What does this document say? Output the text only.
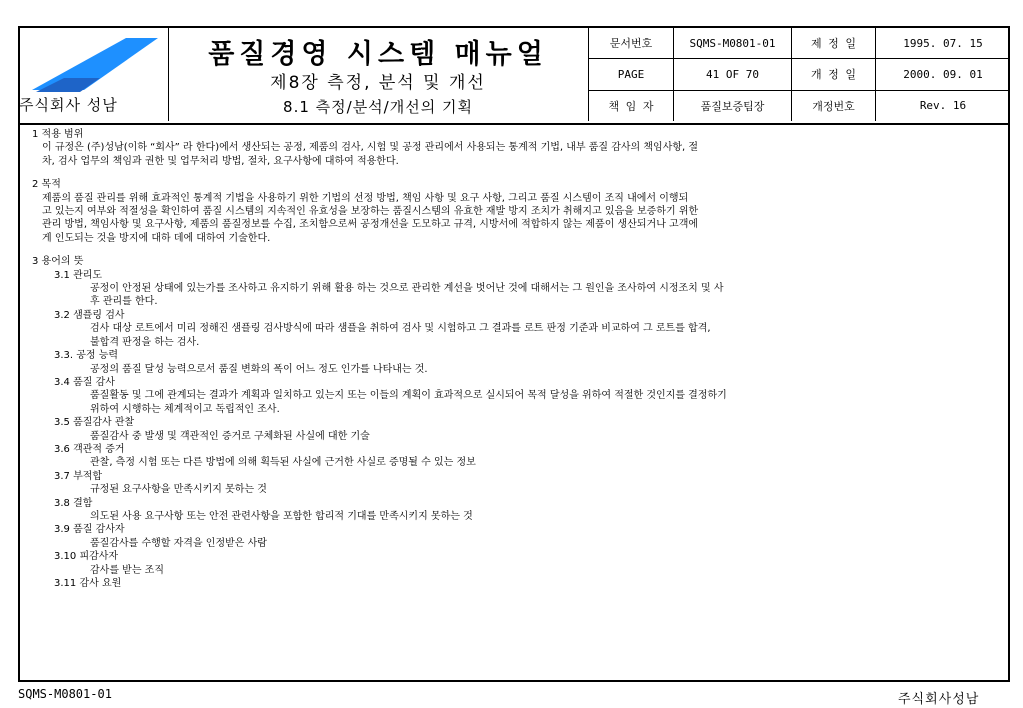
주식회사 성남
품질경영 시스템 매뉴얼
제8장 측정, 분석 및 개선
8.1 측정/분석/개선의 기획
문서번호	SQMS-M0801-01	제 정 일	1995. 07. 15
PAGE	41 OF 70	개 정 일	2000. 09. 01
책 임 자	품질보증팀장	개정번호	Rev. 16

1 적용 범위

이 규정은 (주)성남(이하 “회사” 라 한다)에서 생산되는 공정, 제품의 검사, 시험 및 공정 관리에서 사용되는 통계적 기법, 내부 품질 감사의 책임사항, 절

차, 검사 업무의 책임과 권한 및 업무처리 방법, 절차, 요구사항에 대하여 적용한다.

2 목적

제품의 품질 관리를 위해 효과적인 통계적 기법을 사용하기 위한 기법의 선정 방법, 책임 사항 및 요구 사항, 그리고 품질 시스템이 조직 내에서 이행되

고 있는지 여부와 적절성을 확인하여 품질 시스템의 지속적인 유효성을 보장하는 품질시스템의 유효한 재발 방지 조치가 취해지고 있음을 보증하기 위한

관리 방법, 책임사항 및 요구사항, 제품의 품질정보를 수집, 조치함으로써 공정개선을 도모하고 규격, 시방서에 적합하지 않는 제품이 생산되거나 고객에

게 인도되는 것을 방지에 대하 데에 대하여 기술한다.

3 용어의 뜻

3.1 관리도

공정이 안정된 상태에 있는가를 조사하고 유지하기 위해 활용 하는 것으로 관리한 계선을 벗어난 것에 대해서는 그 원인을 조사하여 시정조치 및 사

후 관리를 한다.

3.2 샘플링 검사

검사 대상 로트에서 미리 정해진 샘플링 검사방식에 따라 샘플을 취하여 검사 및 시험하고 그 결과를 로트 판정 기준과 비교하여 그 로트를 합격,

불합격 판정을 하는 검사.

3.3. 공정 능력

공정의 품질 달성 능력으로서 품질 변화의 폭이 어느 정도 인가를 나타내는 것.

3.4 품질 감사

품질활동 및 그에 관계되는 결과가 계획과 일치하고 있는지 또는 이들의 계획이 효과적으로 실시되어 목적 달성을 위하여 적절한 것인지를 결정하기

위하여 시행하는 체계적이고 독립적인 조사.

3.5 품질감사 관찰

품질감사 중 발생 및 객관적인 증거로 구체화된 사실에 대한 기술

3.6 객관적 증거

관찰, 측정 시험 또는 다른 방법에 의해 획득된 사실에 근거한 사실로 증명될 수 있는 정보

3.7 부적합

규정된 요구사항을 만족시키지 못하는 것

3.8 결함

의도된 사용 요구사항 또는 안전 관련사항을 포함한 합리적 기대를 만족시키지 못하는 것

3.9 품질 감사자

품질감사를 수행할 자격을 인정받은 사람

3.10 피감사자

감사를 받는 조직

3.11 감사 요원

SQMS-M0801-01	주식회사성남
